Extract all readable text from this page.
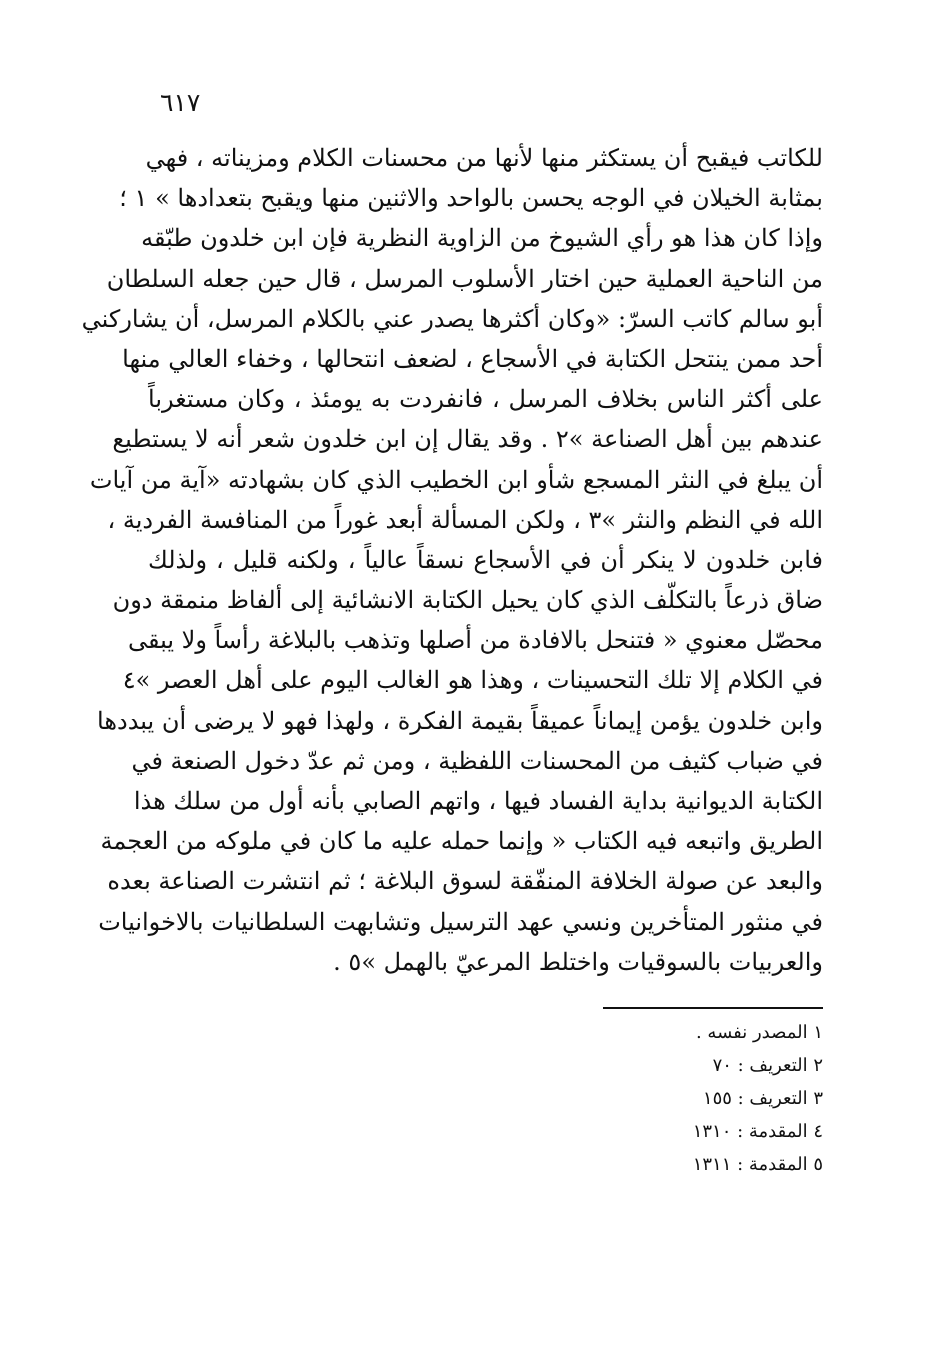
٦١٧
للكاتب فيقبح أن يستكثر منها لأنها من محسنات الكلام ومزيناته ، فهي
بمثابة الخيلان في الوجه يحسن بالواحد والاثنين منها ويقبح بتعدادها » ١ ؛
وإذا كان هذا هو رأي الشيوخ من الزاوية النظرية فإن ابن خلدون طبّقه
من الناحية العملية حين اختار الأسلوب المرسل ، قال حين جعله السلطان
أبو سالم كاتب السرّ: «وكان أكثرها يصدر عني بالكلام المرسل، أن يشاركني
أحد ممن ينتحل الكتابة في الأسجاع ، لضعف انتحالها ، وخفاء العالي منها
على أكثر الناس بخلاف المرسل ، فانفردت به يومئذ ، وكان مستغرباً
عندهم بين أهل الصناعة »٢ . وقد يقال إن ابن خلدون شعر أنه لا يستطيع
أن يبلغ في النثر المسجع شأو ابن الخطيب الذي كان بشهادته «آية من آيات
الله في النظم والنثر »٣ ، ولكن المسألة أبعد غوراً من المنافسة الفردية ،
فابن خلدون لا ينكر أن في الأسجاع نسقاً عالياً ، ولكنه قليل ، ولذلك
ضاق ذرعاً بالتكلّف الذي كان يحيل الكتابة الانشائية إلى ألفاظ منمقة دون
محصّل معنوي « فتنحل بالافادة من أصلها وتذهب بالبلاغة رأساً ولا يبقى
في الكلام إلا تلك التحسينات ، وهذا هو الغالب اليوم على أهل العصر »٤
وابن خلدون يؤمن إيماناً عميقاً بقيمة الفكرة ، ولهذا فهو لا يرضى أن يبددها
في ضباب كثيف من المحسنات اللفظية ، ومن ثم عدّ دخول الصنعة في
الكتابة الديوانية بداية الفساد فيها ، واتهم الصابي بأنه أول من سلك هذا
الطريق واتبعه فيه الكتاب « وإنما حمله عليه ما كان في ملوكه من العجمة
والبعد عن صولة الخلافة المنفّقة لسوق البلاغة ؛ ثم انتشرت الصناعة بعده
في منثور المتأخرين ونسي عهد الترسيل وتشابهت السلطانيات بالاخوانيات
والعربيات بالسوقيات واختلط المرعيّ بالهمل »٥ .
١ المصدر نفسه .
٢ التعريف : ٧٠
٣ التعريف : ١٥٥
٤ المقدمة : ١٣١٠
٥ المقدمة : ١٣١١
